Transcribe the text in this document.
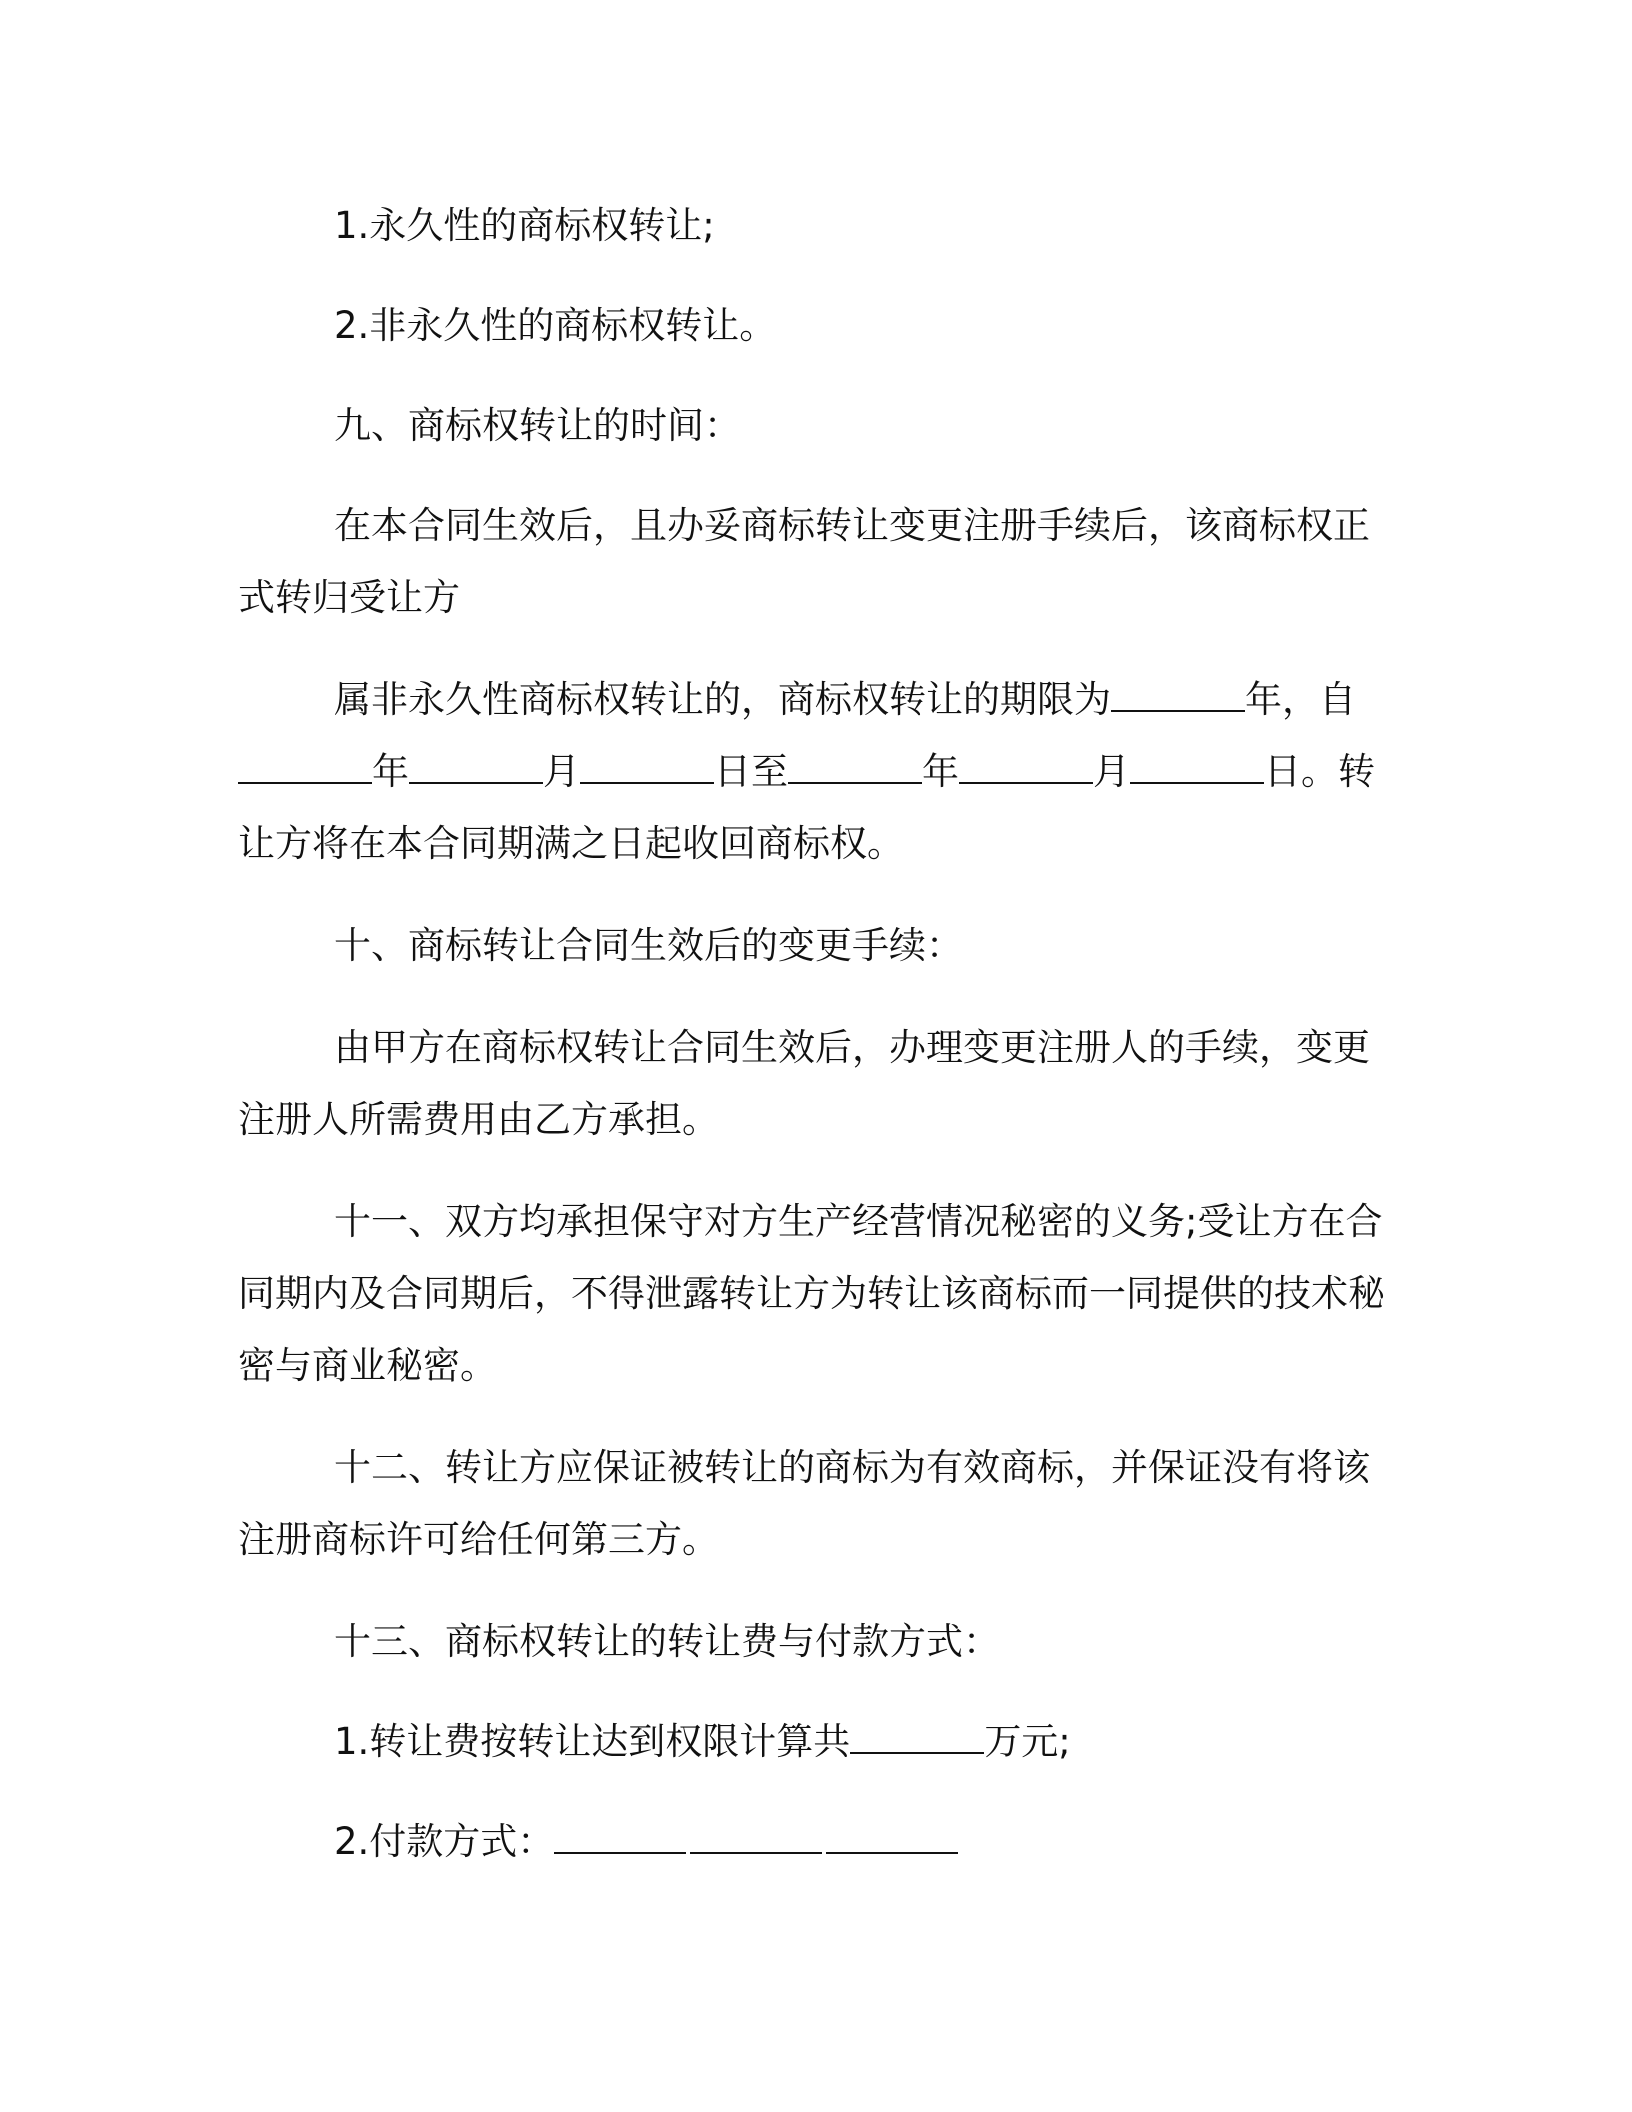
1.永久性的商标权转让;

2.非永久性的商标权转让。

九、商标权转让的时间：

在本合同生效后，且办妥商标转让变更注册手续后，该商标权正式转归受让方

属非永久性商标权转让的，商标权转让的期限为	年，自年	月	日至	年	月	日。转让方将在本合同期满之日起收回商标权。

十、商标转让合同生效后的变更手续：

由甲方在商标权转让合同生效后，办理变更注册人的手续，变更注册人所需费用由乙方承担。

十一、双方均承担保守对方生产经营情况秘密的义务;受让方在合同期内及合同期后，不得泄露转让方为转让该商标而一同提供的技术秘密与商业秘密。

十二、转让方应保证被转让的商标为有效商标，并保证没有将该注册商标许可给任何第三方。

十三、商标权转让的转让费与付款方式：

1.转让费按转让达到权限计算共	万元;

2.付款方式：
